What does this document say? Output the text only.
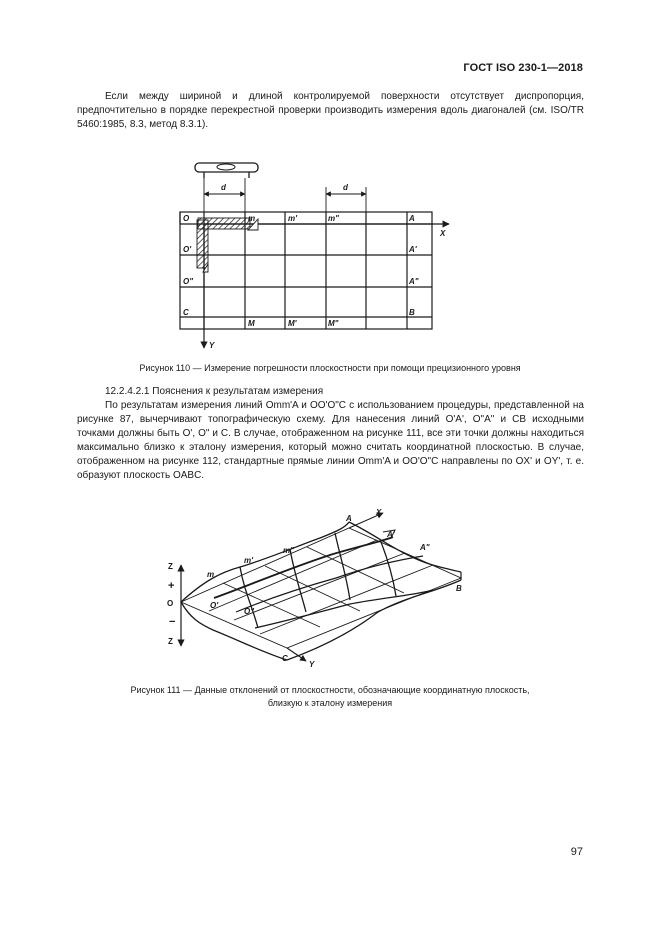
ГОСТ ISO 230-1—2018
Если между шириной и длиной контролируемой поверхности отсутствует диспропорция, предпочтительно в порядке перекрестной проверки производить измерения вдоль диагоналей (см. ISO/TR 5460:1985, 8.3, метод 8.3.1).
d	d
O	m	m'	m"	A
X
O'	A'
O"	A"
C	B
M	M'	M"
Y
Z
+
O
−
Z
m
m'
m"
A
X
A'
A"
B
O'
O"
C
Y
Рисунок 110 — Измерение погрешности плоскостности при помощи прецизионного уровня
12.2.4.2.1 Пояснения к результатам измерения
По результатам измерения линий Omm'A и OO'O"C с использованием процедуры, представленной на рисунке 87, вычерчивают топографическую схему. Для нанесения линий O'A', O"A" и CB исходными точками должны быть O', O" и C. В случае, отображенном на рисунке 111, все эти точки должны находиться максимально близко к эталону измерения, который можно считать координатной плоскостью. В случае, отображенном на рисунке 112, стандартные прямые линии Omm'A и OO'O"C направлены по OX' и OY', т. е. образуют плоскость OABC.
Рисунок 111 — Данные отклонений от плоскостности, обозначающие координатную плоскость,
близкую к эталону измерения
97
